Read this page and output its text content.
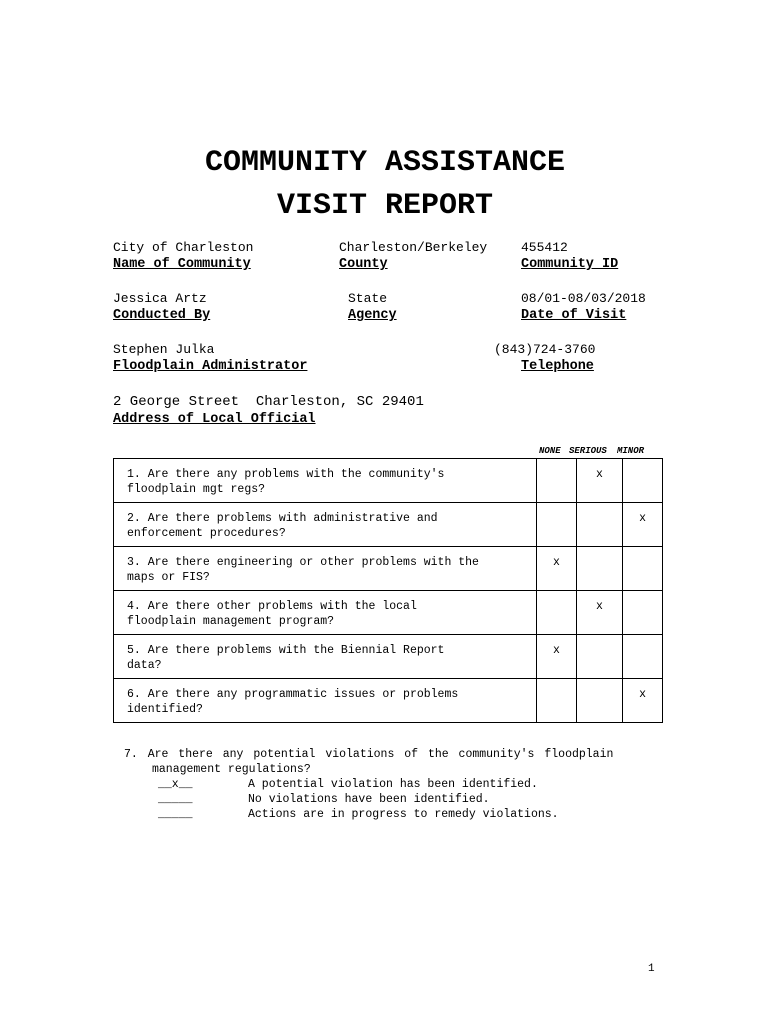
COMMUNITY ASSISTANCE
VISIT REPORT
City of Charleston
Name of Community
Charleston/Berkeley
County
455412
Community ID
Jessica Artz
Conducted By
State
Agency
08/01-08/03/2018
Date of Visit
Stephen Julka
Floodplain Administrator
(843)724-3760
Telephone
2 George Street  Charleston, SC 29401
Address of Local Official
NONE SERIOUS MINOR
1. Are there any problems with the community's
floodplain mgt regs?		x	

2. Are there problems with administrative and
enforcement procedures?			x

3. Are there engineering or other problems with the
maps or FIS?	x		

4. Are there other problems with the local
floodplain management program?		x	

5. Are there problems with the Biennial Report
data?	x		

6. Are there any programmatic issues or problems
identified?			x
7. Are there any potential violations of the community's floodplain
management regulations?
__x__	A potential violation has been identified.
_____	No violations have been identified.
_____	Actions are in progress to remedy violations.
1
